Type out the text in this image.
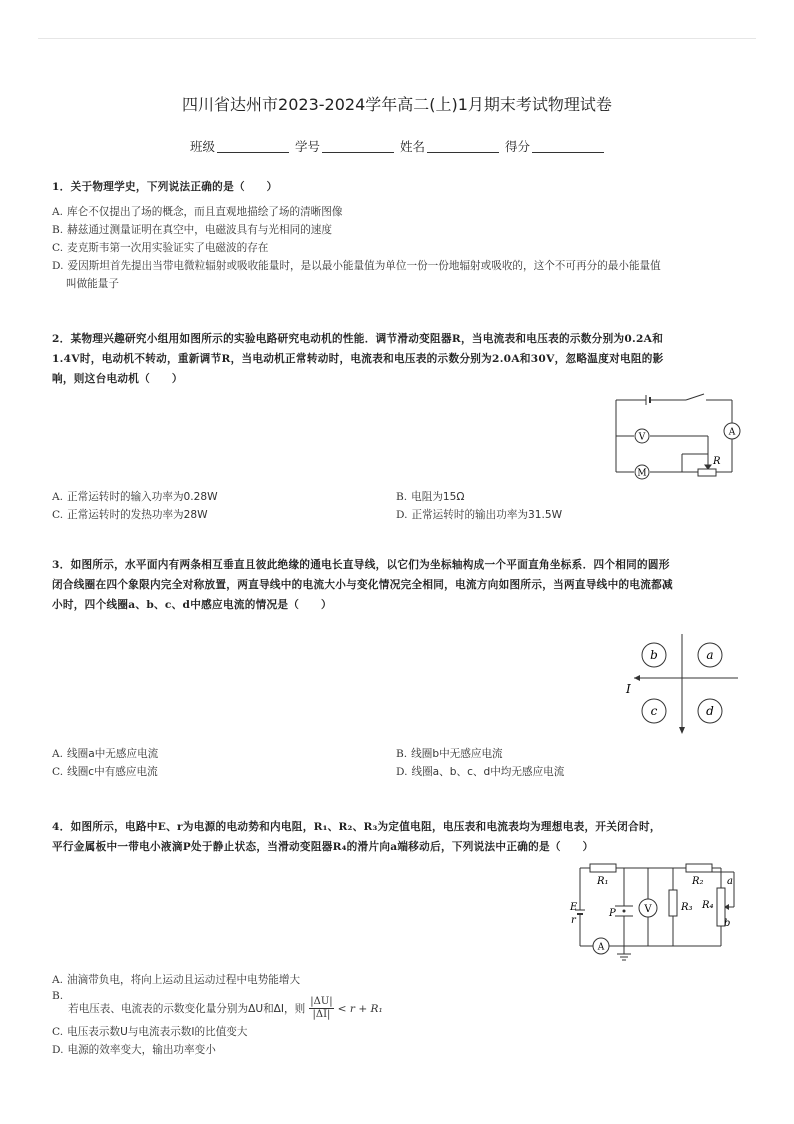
四川省达州市2023-2024学年高二(上)1月期末考试物理试卷
班级	学号	姓名	得分
1．关于物理学史，下列说法正确的是（　　）
A. 库仑不仅提出了场的概念，而且直观地描绘了场的清晰图像
B. 赫兹通过测量证明在真空中，电磁波具有与光相同的速度
C. 麦克斯韦第一次用实验证实了电磁波的存在
D. 爱因斯坦首先提出当带电微粒辐射或吸收能量时，是以最小能量值为单位一份一份地辐射或吸收的，这个不可再分的最小能量值
叫做能量子
2．某物理兴趣研究小组用如图所示的实验电路研究电动机的性能．调节滑动变阻器R，当电流表和电压表的示数分别为0.2A和
1.4V时，电动机不转动，重新调节R，当电动机正常转动时，电流表和电压表的示数分别为2.0A和30V，忽略温度对电阻的影
响，则这台电动机（　　）
V
M
A
R
A. 正常运转时的输入功率为0.28W	B. 电阻为15Ω
C. 正常运转时的发热功率为28W	D. 正常运转时的输出功率为31.5W
3．如图所示，水平面内有两条相互垂直且彼此绝缘的通电长直导线，以它们为坐标轴构成一个平面直角坐标系．四个相同的圆形
闭合线圈在四个象限内完全对称放置，两直导线中的电流大小与变化情况完全相同，电流方向如图所示，当两直导线中的电流都减
小时，四个线圈a、b、c、d中感应电流的情况是（　　）
b	a
c	d
I
A. 线圈a中无感应电流	B. 线圈b中无感应电流
C. 线圈c中有感应电流	D. 线圈a、b、c、d中均无感应电流
4．如图所示，电路中E、r为电源的电动势和内电阻，R₁、R₂、R₃为定值电阻，电压表和电流表均为理想电表，开关闭合时，
平行金属板中一带电小液滴P处于静止状态，当滑动变阻器R₄的滑片向a端移动后，下列说法中正确的是（　　）
R₁	R₂
R₃ R₄
a
b
V
A
P
E
r
A. 油滴带负电，将向上运动且运动过程中电势能增大
B.
若电压表、电流表的示数变化量分别为ΔU和ΔI，则 $\frac{|\Delta U|}{|\Delta I|} < r + R_1$
C. 电压表示数U与电流表示数I的比值变大
D. 电源的效率变大，输出功率变小
